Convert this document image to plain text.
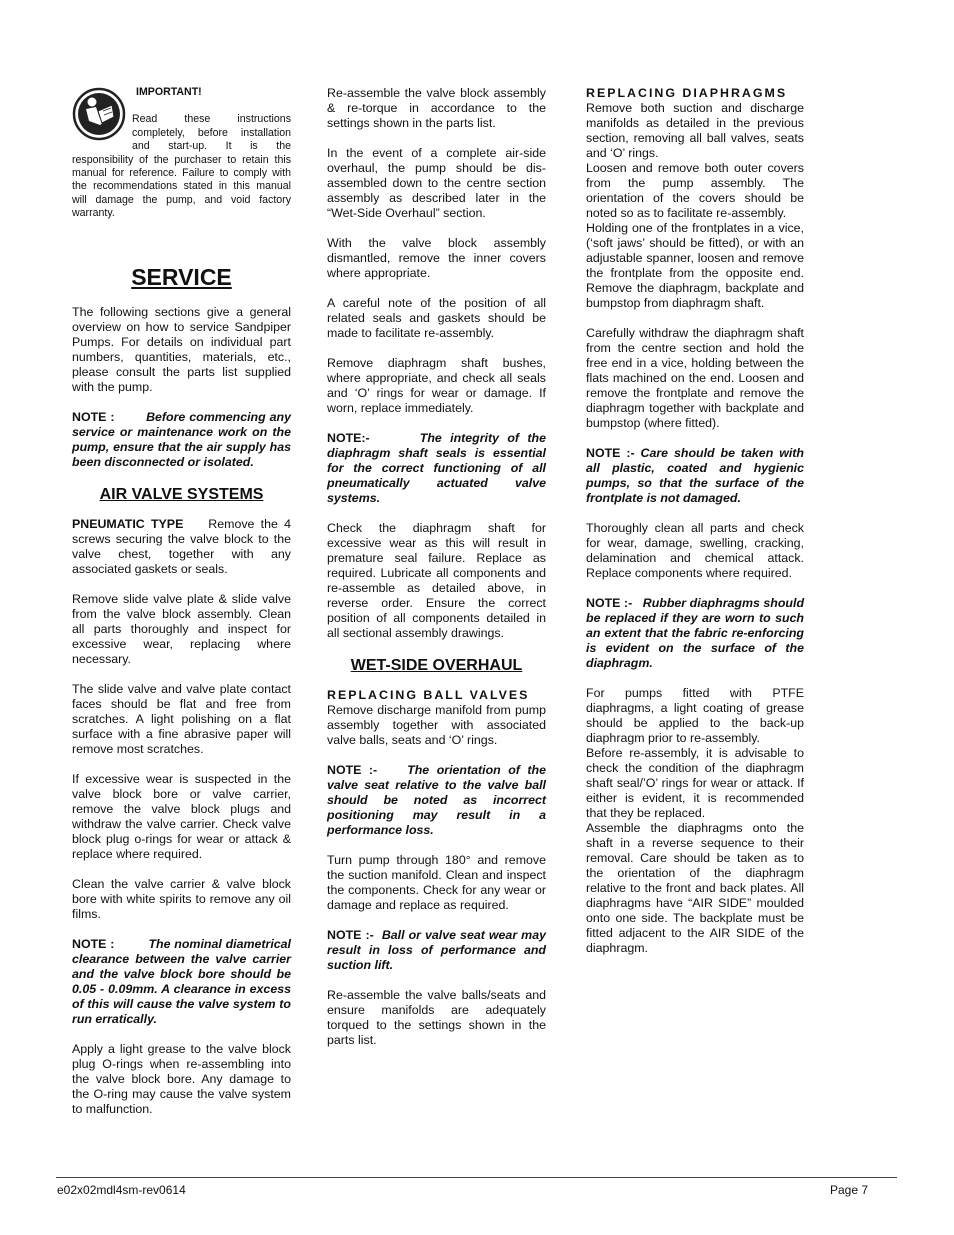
IMPORTANT!
Read these instructions completely, before installation and start-up. It is the responsibility of the purchaser to retain this manual for reference. Failure to comply with the recommendations stated in this manual will damage the pump, and void factory warranty.
SERVICE

The following sections give a general overview on how to service Sandpiper Pumps. For details on individual part numbers, quantities, materials, etc., please consult the parts list supplied with the pump.

NOTE :	Before commencing any service or maintenance work on the pump, ensure that the air supply has been disconnected or isolated.

AIR VALVE SYSTEMS

PNEUMATIC TYPE Remove the 4 screws securing the valve block to the valve chest, together with any associated gaskets or seals.

Remove slide valve plate & slide valve from the valve block assembly. Clean all parts thoroughly and inspect for excessive wear, replacing where necessary.

The slide valve and valve plate contact faces should be flat and free from scratches. A light polishing on a flat surface with a fine abrasive paper will remove most scratches.

If excessive wear is suspected in the valve block bore or valve carrier, remove the valve block plugs and withdraw the valve carrier. Check valve block plug o-rings for wear or attack & replace where required.

Clean the valve carrier & valve block bore with white spirits to remove any oil films.

NOTE :	The nominal diametrical clearance between the valve carrier and the valve block bore should be 0.05 - 0.09mm. A clearance in excess of this will cause the valve system to run erratically.

Apply a light grease to the valve block plug O-rings when re-assembling into the valve block bore. Any damage to the O-ring may cause the valve system to malfunction.

Re-assemble the valve block assembly & re-torque in accordance to the settings shown in the parts list.

In the event of a complete air-side overhaul, the pump should be dis-assembled down to the centre section assembly as described later in the “Wet-Side Overhaul” section.

With the valve block assembly dismantled, remove the inner covers where appropriate.

A careful note of the position of all related seals and gaskets should be made to facilitate re-assembly.

Remove diaphragm shaft bushes, where appropriate, and check all seals and ‘O’ rings for wear or damage. If worn, replace immediately.

NOTE:-	The integrity of the diaphragm shaft seals is essential for the correct functioning of all pneumatically actuated valve systems.

Check the diaphragm shaft for excessive wear as this will result in premature seal failure. Replace as required. Lubricate all components and re-assemble as detailed above, in reverse order. Ensure the correct position of all components detailed in all sectional assembly drawings.

WET-SIDE OVERHAUL

REPLACING BALL VALVES
Remove discharge manifold from pump assembly together with associated valve balls, seats and ‘O’ rings.

NOTE :- The orientation of the valve seat relative to the valve ball should be noted as incorrect positioning may result in a performance loss.

Turn pump through 180° and remove the suction manifold. Clean and inspect the components. Check for any wear or damage and replace as required.

NOTE :- Ball or valve seat wear may result in loss of performance and suction lift.

Re-assemble the valve balls/seats and ensure manifolds are adequately torqued to the settings shown in the parts list.

REPLACING DIAPHRAGMS
Remove both suction and discharge manifolds as detailed in the previous section, removing all ball valves, seats and ‘O’ rings.

Loosen and remove both outer covers from the pump assembly. The orientation of the covers should be noted so as to facilitate re-assembly.

Holding one of the frontplates in a vice, (‘soft jaws’ should be fitted), or with an adjustable spanner, loosen and remove the frontplate from the opposite end. Remove the diaphragm, backplate and bumpstop from diaphragm shaft.

Carefully withdraw the diaphragm shaft from the centre section and hold the free end in a vice, holding between the flats machined on the end. Loosen and remove the frontplate and remove the diaphragm together with backplate and bumpstop (where fitted).

NOTE :- Care should be taken with all plastic, coated and hygienic pumps, so that the surface of the frontplate is not damaged.

Thoroughly clean all parts and check for wear, damage, swelling, cracking, delamination and chemical attack. Replace components where required.

NOTE :- Rubber diaphragms should be replaced if they are worn to such an extent that the fabric re-enforcing is evident on the surface of the diaphragm.

For pumps fitted with PTFE diaphragms, a light coating of grease should be applied to the back-up diaphragm prior to re-assembly.

Before re-assembly, it is advisable to check the condition of the diaphragm shaft seal/’O’ rings for wear or attack. If either is evident, it is recommended that they be replaced.

Assemble the diaphragms onto the shaft in a reverse sequence to their removal. Care should be taken as to the orientation of the diaphragm relative to the front and back plates. All diaphragms have “AIR SIDE” moulded onto one side. The backplate must be fitted adjacent to the AIR SIDE of the diaphragm.

e02x02mdl4sm-rev0614	Page 7
